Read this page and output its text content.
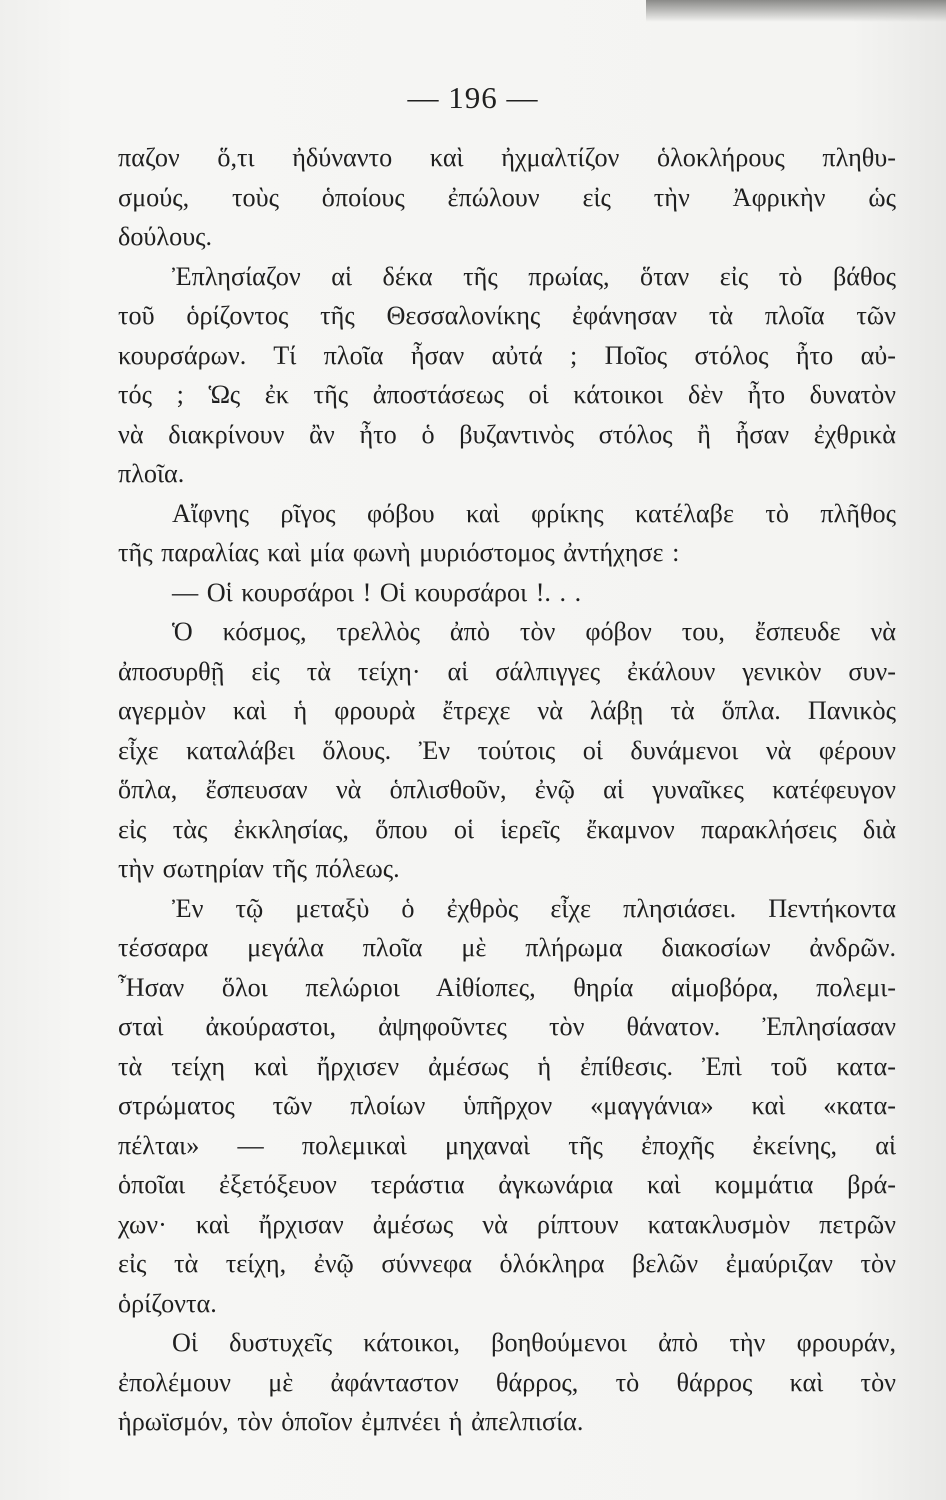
— 196 —
παζον ὅ,τι ἠδύναντο καὶ ἠχμαλτίζον ὁλοκλήρους πληθυ-
σμούς, τοὺς ὁποίους ἐπώλουν εἰς τὴν Ἀφρικὴν ὡς
δούλους.
Ἐπλησίαζον αἱ δέκα τῆς πρωίας, ὅταν εἰς τὸ βάθος
τοῦ ὁρίζοντος τῆς Θεσσαλονίκης ἐφάνησαν τὰ πλοῖα τῶν
κουρσάρων. Τί πλοῖα ἦσαν αὐτά ; Ποῖος στόλος ἦτο αὐ-
τός ; Ὡς ἐκ τῆς ἀποστάσεως οἱ κάτοικοι δὲν ἦτο δυνατὸν
νὰ διακρίνουν ἂν ἦτο ὁ βυζαντινὸς στόλος ἢ ἦσαν ἐχθρικὰ
πλοῖα.
Αἴφνης ρῖγος φόβου καὶ φρίκης κατέλαβε τὸ πλῆθος
τῆς παραλίας καὶ μία φωνὴ μυριόστομος ἀντήχησε :
— Οἱ κουρσάροι ! Οἱ κουρσάροι !. . .
Ὁ κόσμος, τρελλὸς ἀπὸ τὸν φόβον του, ἔσπευδε νὰ
ἀποσυρθῇ εἰς τὰ τείχη· αἱ σάλπιγγες ἐκάλουν γενικὸν συν-
αγερμὸν καὶ ἡ φρουρὰ ἔτρεχε νὰ λάβῃ τὰ ὅπλα. Πανικὸς
εἶχε καταλάβει ὅλους. Ἐν τούτοις οἱ δυνάμενοι νὰ φέρουν
ὅπλα, ἔσπευσαν νὰ ὁπλισθοῦν, ἐνῷ αἱ γυναῖκες κατέφευγον
εἰς τὰς ἐκκλησίας, ὅπου οἱ ἱερεῖς ἔκαμνον παρακλήσεις διὰ
τὴν σωτηρίαν τῆς πόλεως.
Ἐν τῷ μεταξὺ ὁ ἐχθρὸς εἶχε πλησιάσει. Πεντήκοντα
τέσσαρα μεγάλα πλοῖα μὲ πλήρωμα διακοσίων ἀνδρῶν.
Ἦσαν ὅλοι πελώριοι Αἰθίοπες, θηρία αἱμοβόρα, πολεμι-
σταὶ ἀκούραστοι, ἀψηφοῦντες τὸν θάνατον. Ἐπλησίασαν
τὰ τείχη καὶ ἤρχισεν ἀμέσως ἡ ἐπίθεσις. Ἐπὶ τοῦ κατα-
στρώματος τῶν πλοίων ὑπῆρχον «μαγγάνια» καὶ «κατα-
πέλται» — πολεμικαὶ μηχαναὶ τῆς ἐποχῆς ἐκείνης, αἱ
ὁποῖαι ἐξετόξευον τεράστια ἀγκωνάρια καὶ κομμάτια βρά-
χων· καὶ ἤρχισαν ἀμέσως νὰ ρίπτουν κατακλυσμὸν πετρῶν
εἰς τὰ τείχη, ἐνῷ σύννεφα ὁλόκληρα βελῶν ἐμαύριζαν τὸν
ὁρίζοντα.
Οἱ δυστυχεῖς κάτοικοι, βοηθούμενοι ἀπὸ τὴν φρουράν,
ἐπολέμουν μὲ ἀφάνταστον θάρρος, τὸ θάρρος καὶ τὸν
ἡρωϊσμόν, τὸν ὁποῖον ἐμπνέει ἡ ἀπελπισία.
